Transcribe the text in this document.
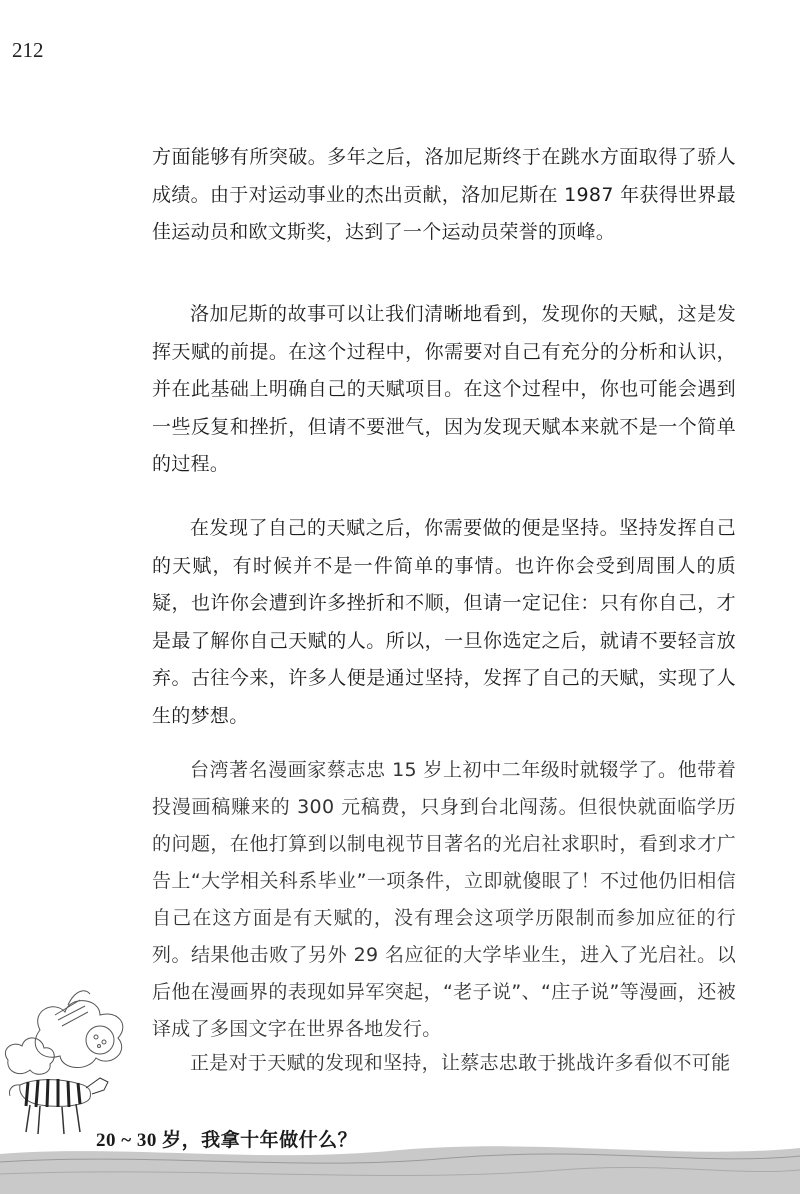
212

方面能够有所突破。多年之后，洛加尼斯终于在跳水方面取得了骄人成绩。由于对运动事业的杰出贡献，洛加尼斯在 1987 年获得世界最佳运动员和欧文斯奖，达到了一个运动员荣誉的顶峰。

洛加尼斯的故事可以让我们清晰地看到，发现你的天赋，这是发挥天赋的前提。在这个过程中，你需要对自己有充分的分析和认识，并在此基础上明确自己的天赋项目。在这个过程中，你也可能会遇到一些反复和挫折，但请不要泄气，因为发现天赋本来就不是一个简单的过程。

在发现了自己的天赋之后，你需要做的便是坚持。坚持发挥自己的天赋，有时候并不是一件简单的事情。也许你会受到周围人的质疑，也许你会遭到许多挫折和不顺，但请一定记住：只有你自己，才是最了解你自己天赋的人。所以，一旦你选定之后，就请不要轻言放弃。古往今来，许多人便是通过坚持，发挥了自己的天赋，实现了人生的梦想。

台湾著名漫画家蔡志忠 15 岁上初中二年级时就辍学了。他带着投漫画稿赚来的 300 元稿费，只身到台北闯荡。但很快就面临学历的问题，在他打算到以制电视节目著名的光启社求职时，看到求才广告上“大学相关科系毕业”一项条件，立即就傻眼了！不过他仍旧相信自己在这方面是有天赋的，没有理会这项学历限制而参加应征的行列。结果他击败了另外 29 名应征的大学毕业生，进入了光启社。以后他在漫画界的表现如异军突起，“老子说”、“庄子说”等漫画，还被译成了多国文字在世界各地发行。

正是对于天赋的发现和坚持，让蔡志忠敢于挑战许多看似不可能

20 ~ 30 岁，我拿十年做什么？
